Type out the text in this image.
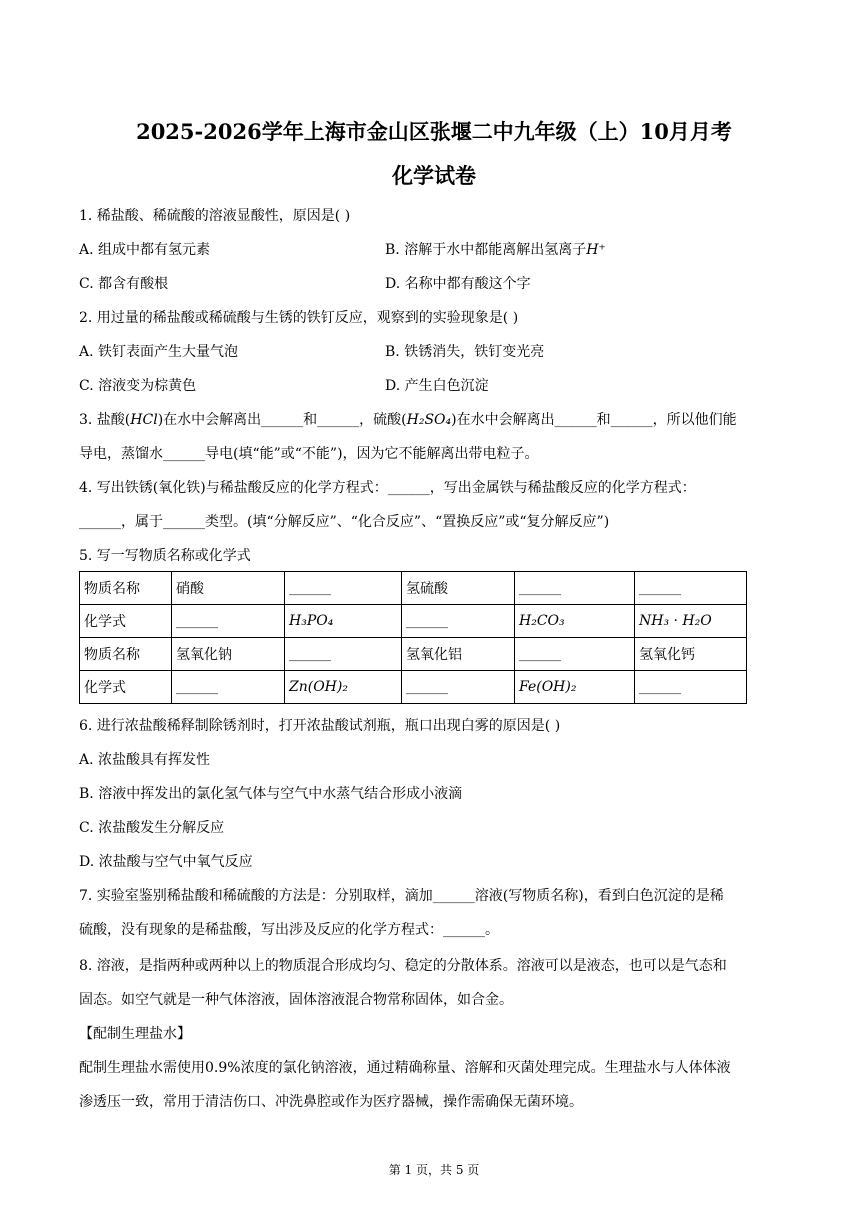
2025-2026学年上海市金山区张堰二中九年级（上）10月月考
化学试卷
1. 稀盐酸、稀硫酸的溶液显酸性，原因是( )
A. 组成中都有氢元素	B. 溶解于水中都能离解出氢离子H⁺
C. 都含有酸根	D. 名称中都有酸这个字
2. 用过量的稀盐酸或稀硫酸与生锈的铁钉反应，观察到的实验现象是( )
A. 铁钉表面产生大量气泡	B. 铁锈消失，铁钉变光亮
C. 溶液变为棕黄色	D. 产生白色沉淀
3. 盐酸(HCl)在水中会解离出______和______，硫酸(H₂SO₄)在水中会解离出______和______，所以他们能
导电，蒸馏水______导电(填“能”或“不能”)，因为它不能解离出带电粒子。
4. 写出铁锈(氧化铁)与稀盐酸反应的化学方程式：______，写出金属铁与稀盐酸反应的化学方程式：
______，属于______类型。(填“分解反应”、“化合反应”、“置换反应”或“复分解反应”)
5. 写一写物质名称或化学式
物质名称	硝酸	______	氢硫酸	______	______
化学式	______	H₃PO₄	______	H₂CO₃	NH₃ · H₂O
物质名称	氢氧化钠	______	氢氧化铝	______	氢氧化钙
化学式	______	Zn(OH)₂	______	Fe(OH)₂	______
6. 进行浓盐酸稀释制除锈剂时，打开浓盐酸试剂瓶，瓶口出现白雾的原因是( )
A. 浓盐酸具有挥发性
B. 溶液中挥发出的氯化氢气体与空气中水蒸气结合形成小液滴
C. 浓盐酸发生分解反应
D. 浓盐酸与空气中氧气反应
7. 实验室鉴别稀盐酸和稀硫酸的方法是：分别取样，滴加______溶液(写物质名称)，看到白色沉淀的是稀
硫酸，没有现象的是稀盐酸，写出涉及反应的化学方程式：______。
8. 溶液，是指两种或两种以上的物质混合形成均匀、稳定的分散体系。溶液可以是液态，也可以是气态和
固态。如空气就是一种气体溶液，固体溶液混合物常称固体，如合金。
【配制生理盐水】
配制生理盐水需使用0.9%浓度的氯化钠溶液，通过精确称量、溶解和灭菌处理完成。生理盐水与人体体液
渗透压一致，常用于清洁伤口、冲洗鼻腔或作为医疗器械，操作需确保无菌环境。
第 1 页，共 5 页
